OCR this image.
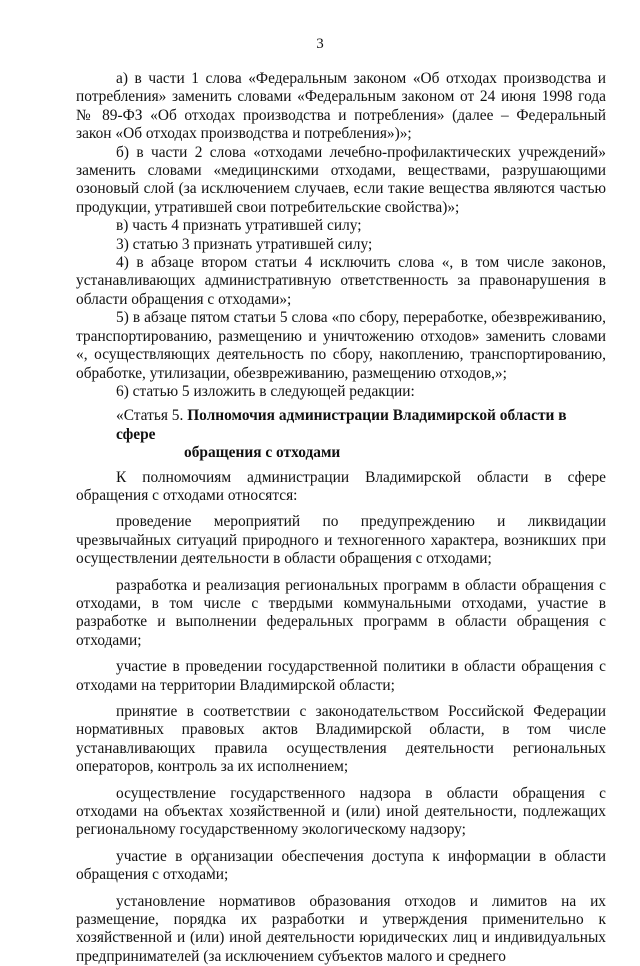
3

а) в части 1 слова «Федеральным законом «Об отходах производства и потребления» заменить словами «Федеральным законом от 24 июня 1998 года № 89-ФЗ «Об отходах производства и потребления» (далее – Федеральный закон «Об отходах производства и потребления»)»;

б) в части 2 слова «отходами лечебно-профилактических учреждений» заменить словами «медицинскими отходами, веществами, разрушающими озоновый слой (за исключением случаев, если такие вещества являются частью продукции, утратившей свои потребительские свойства)»;

в) часть 4 признать утратившей силу;

3) статью 3 признать утратившей силу;

4) в абзаце втором статьи 4 исключить слова «, в том числе законов, устанавливающих административную ответственность за правонарушения в области обращения с отходами»;

5) в абзаце пятом статьи 5 слова «по сбору, переработке, обезвреживанию, транспортированию, размещению и уничтожению отходов» заменить словами «, осуществляющих деятельность по сбору, накоплению, транспортированию, обработке, утилизации, обезвреживанию, размещению отходов,»;

6) статью 5 изложить в следующей редакции:

«Статья 5. Полномочия администрации Владимирской области в сфере
обращения с отходами

К полномочиям администрации Владимирской области в сфере обращения с отходами относятся:

проведение мероприятий по предупреждению и ликвидации чрезвычайных ситуаций природного и техногенного характера, возникших при осуществлении деятельности в области обращения с отходами;

разработка и реализация региональных программ в области обращения с отходами, в том числе с твердыми коммунальными отходами, участие в разработке и выполнении федеральных программ в области обращения с отходами;

участие в проведении государственной политики в области обращения с отходами на территории Владимирской области;

принятие в соответствии с законодательством Российской Федерации нормативных правовых актов Владимирской области, в том числе устанавливающих правила осуществления деятельности региональных операторов, контроль за их исполнением;

осуществление государственного надзора в области обращения с отходами на объектах хозяйственной и (или) иной деятельности, подлежащих региональному государственному экологическому надзору;

участие в организации обеспечения доступа к информации в области обращения с отходами;

установление нормативов образования отходов и лимитов на их размещение, порядка их разработки и утверждения применительно к хозяйственной и (или) иной деятельности юридических лиц и индивидуальных предпринимателей (за исключением субъектов малого и среднего
